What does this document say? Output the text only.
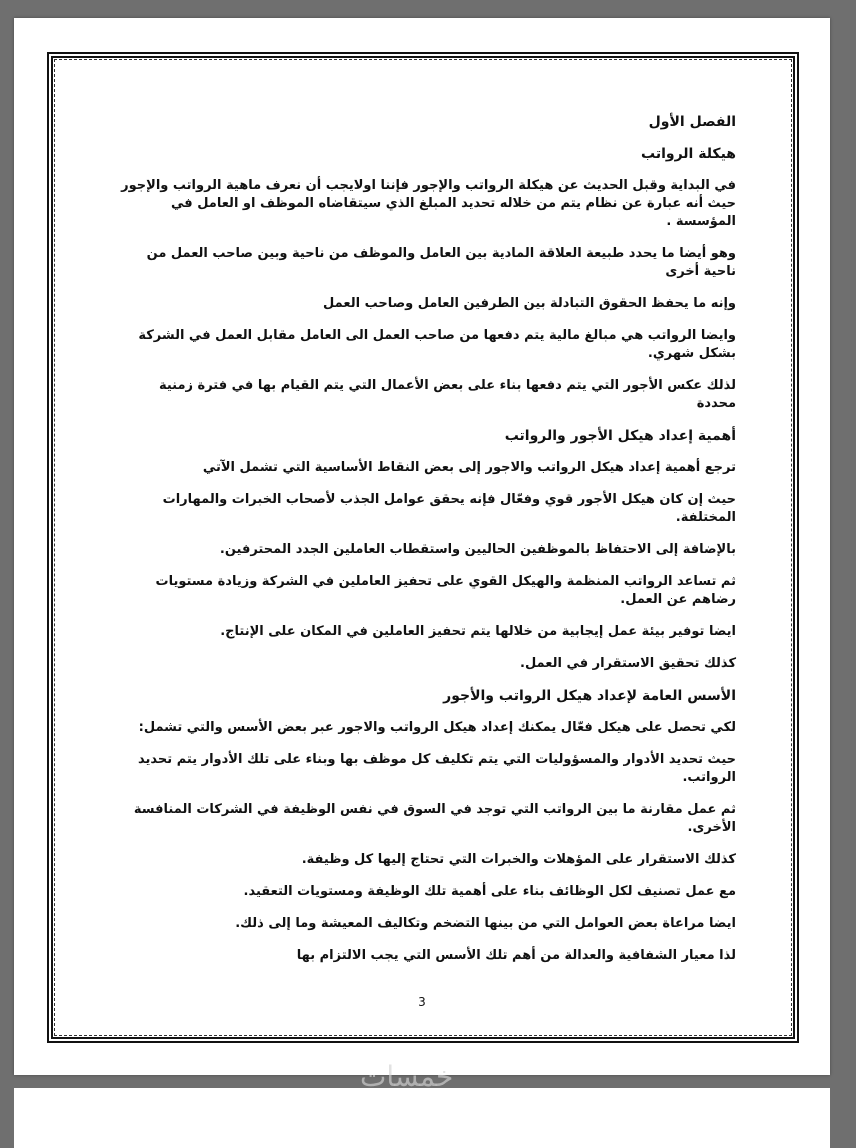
الفصل الأول

هيكلة الرواتب

في البداية وقبل الحديث عن هيكلة الرواتب والإجور فإننا اولايجب أن نعرف ماهية الرواتب والإجور حيث أنه عبارة عن نظام يتم من خلاله تحديد المبلغ الذي سيتقاضاه الموظف او العامل في المؤسسة .

وهو أيضا ما يحدد طبيعة العلاقة المادية بين العامل والموظف من ناحية وبين صاحب العمل من ناحية أخرى

وإنه ما يحفظ الحقوق التبادلة بين الطرفين العامل وصاحب العمل

وايضا الرواتب هي مبالغ مالية يتم دفعها من صاحب العمل الى العامل مقابل العمل في الشركة بشكل شهري.

لذلك عكس الأجور التي يتم دفعها بناء على بعض الأعمال التي يتم القيام بها في فترة زمنية محددة

أهمية إعداد هيكل الأجور والرواتب

ترجع أهمية إعداد هيكل الرواتب والاجور إلى بعض النقاط الأساسية التي تشمل الآتي

حيث إن كان هيكل الأجور قوي وفعّال فإنه يحقق عوامل الجذب لأصحاب الخبرات والمهارات المختلفة.

بالإضافة إلى الاحتفاظ بالموظفين الحاليين واستقطاب العاملين الجدد المحترفين.

ثم تساعد الرواتب المنظمة والهيكل القوي على تحفيز العاملين في الشركة وزيادة مستويات رضاهم عن العمل.

ايضا توفير بيئة عمل إيجابية من خلالها يتم تحفيز العاملين في المكان على الإنتاج.

كذلك تحقيق الاستقرار في العمل.

الأسس العامة لإعداد هيكل الرواتب والأجور

لكي تحصل على هيكل فعّال يمكنك إعداد هيكل الرواتب والاجور عبر بعض الأسس والتي تشمل:

حيث تحديد الأدوار والمسؤوليات التي يتم تكليف كل موظف بها وبناء على تلك الأدوار يتم تحديد الرواتب.

ثم عمل مقارنة ما بين الرواتب التي توجد في السوق في نفس الوظيفة في الشركات المنافسة الأخرى.

كذلك الاستقرار على المؤهلات والخبرات التي تحتاج إليها كل وظيفة.

مع عمل تصنيف لكل الوظائف بناء على أهمية تلك الوظيفة ومستويات التعقيد.

ايضا مراعاة بعض العوامل التي من بينها التضخم وتكاليف المعيشة وما إلى ذلك.

لذا معيار الشفافية والعدالة من أهم تلك الأسس التي يجب الالتزام بها

3
خمسات
